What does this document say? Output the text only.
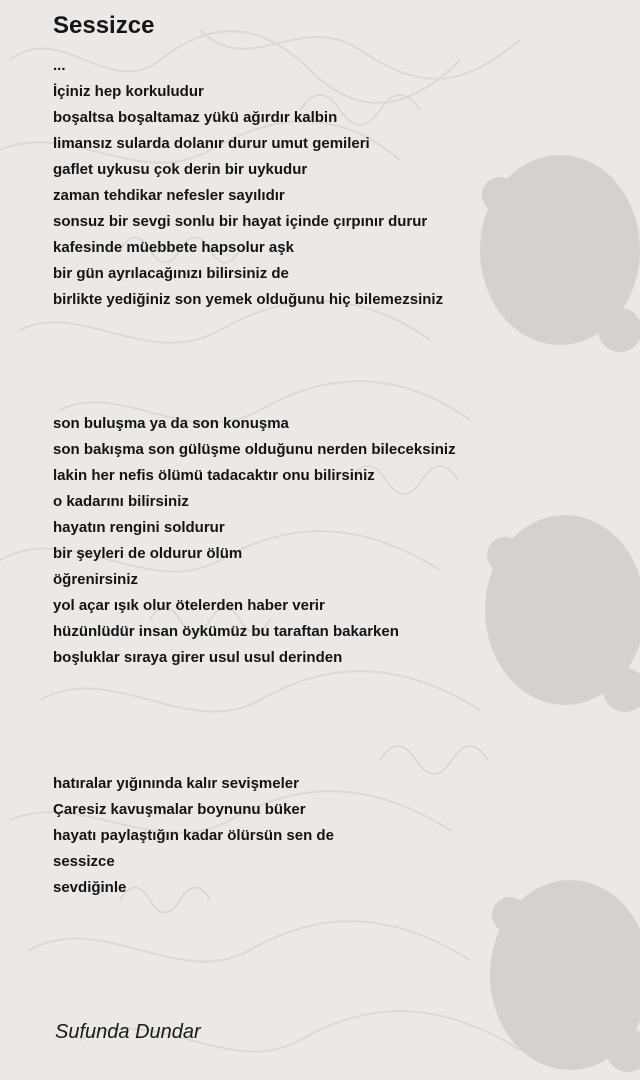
Sessizce
...
İçiniz hep korkuludur
boşaltsa boşaltamaz yükü ağırdır kalbin
limansız sularda dolanır durur umut gemileri
gaflet uykusu çok derin bir uykudur
zaman tehdikar nefesler sayılıdır
sonsuz bir sevgi sonlu bir hayat içinde çırpınır durur
kafesinde müebbete hapsolur aşk
bir gün ayrılacağınızı bilirsiniz de
birlikte yediğiniz son yemek olduğunu hiç bilemezsiniz
son buluşma ya da son konuşma
son bakışma son gülüşme olduğunu nerden bileceksiniz
lakin her nefis ölümü tadacaktır onu bilirsiniz
o kadarını bilirsiniz
hayatın rengini soldurur
bir şeyleri de oldurur ölüm
öğrenirsiniz
yol açar ışık olur ötelerden haber verir
hüzünlüdür insan öykümüz bu taraftan bakarken
boşluklar sıraya girer usul usul derinden
hatıralar yığınında kalır sevişmeler
Çaresiz kavuşmalar boynunu büker
hayatı paylaştığın kadar ölürsün sen de
sessizce
sevdiğinle
Sufunda Dundar
